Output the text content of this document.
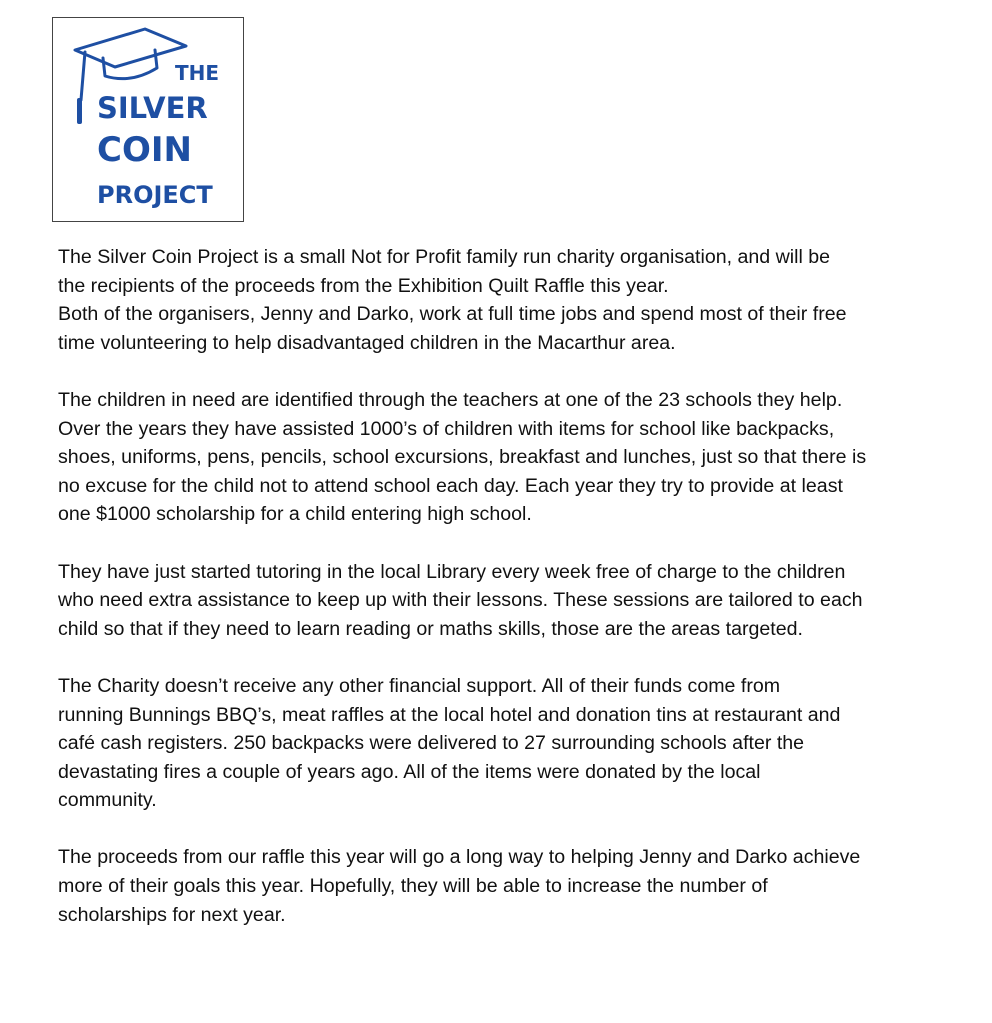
THE
SILVER
COIN
PROJECT

The Silver Coin Project is a small Not for Profit family run charity organisation, and will be
the recipients of the proceeds from the Exhibition Quilt Raffle this year.
Both of the organisers, Jenny and Darko, work at full time jobs and spend most of their free
time volunteering to help disadvantaged children in the Macarthur area.

The children in need are identified through the teachers at one of the 23 schools they help.
Over the years they have assisted 1000’s of children with items for school like backpacks,
shoes, uniforms, pens, pencils, school excursions, breakfast and lunches, just so that there is
no excuse for the child not to attend school each day. Each year they try to provide at least
one $1000 scholarship for a child entering high school.

They have just started tutoring in the local Library every week free of charge to the children
who need extra assistance to keep up with their lessons. These sessions are tailored to each
child so that if they need to learn reading or maths skills, those are the areas targeted.

The Charity doesn’t receive any other financial support. All of their funds come from
running Bunnings BBQ’s, meat raffles at the local hotel and donation tins at restaurant and
café cash registers. 250 backpacks were delivered to 27 surrounding schools after the
devastating fires a couple of years ago. All of the items were donated by the local
community.

The proceeds from our raffle this year will go a long way to helping Jenny and Darko achieve
more of their goals this year. Hopefully, they will be able to increase the number of
scholarships for next year.
